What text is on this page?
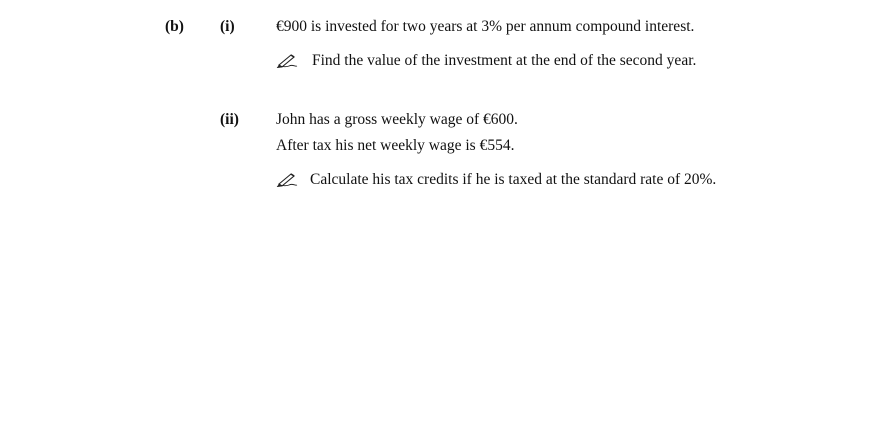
(b) (i)	€900 is invested for two years at 3% per annum compound interest.
Find the value of the investment at the end of the second year.
(ii) John has a gross weekly wage of €600.
After tax his net weekly wage is €554.
Calculate his tax credits if he is taxed at the standard rate of 20%.
